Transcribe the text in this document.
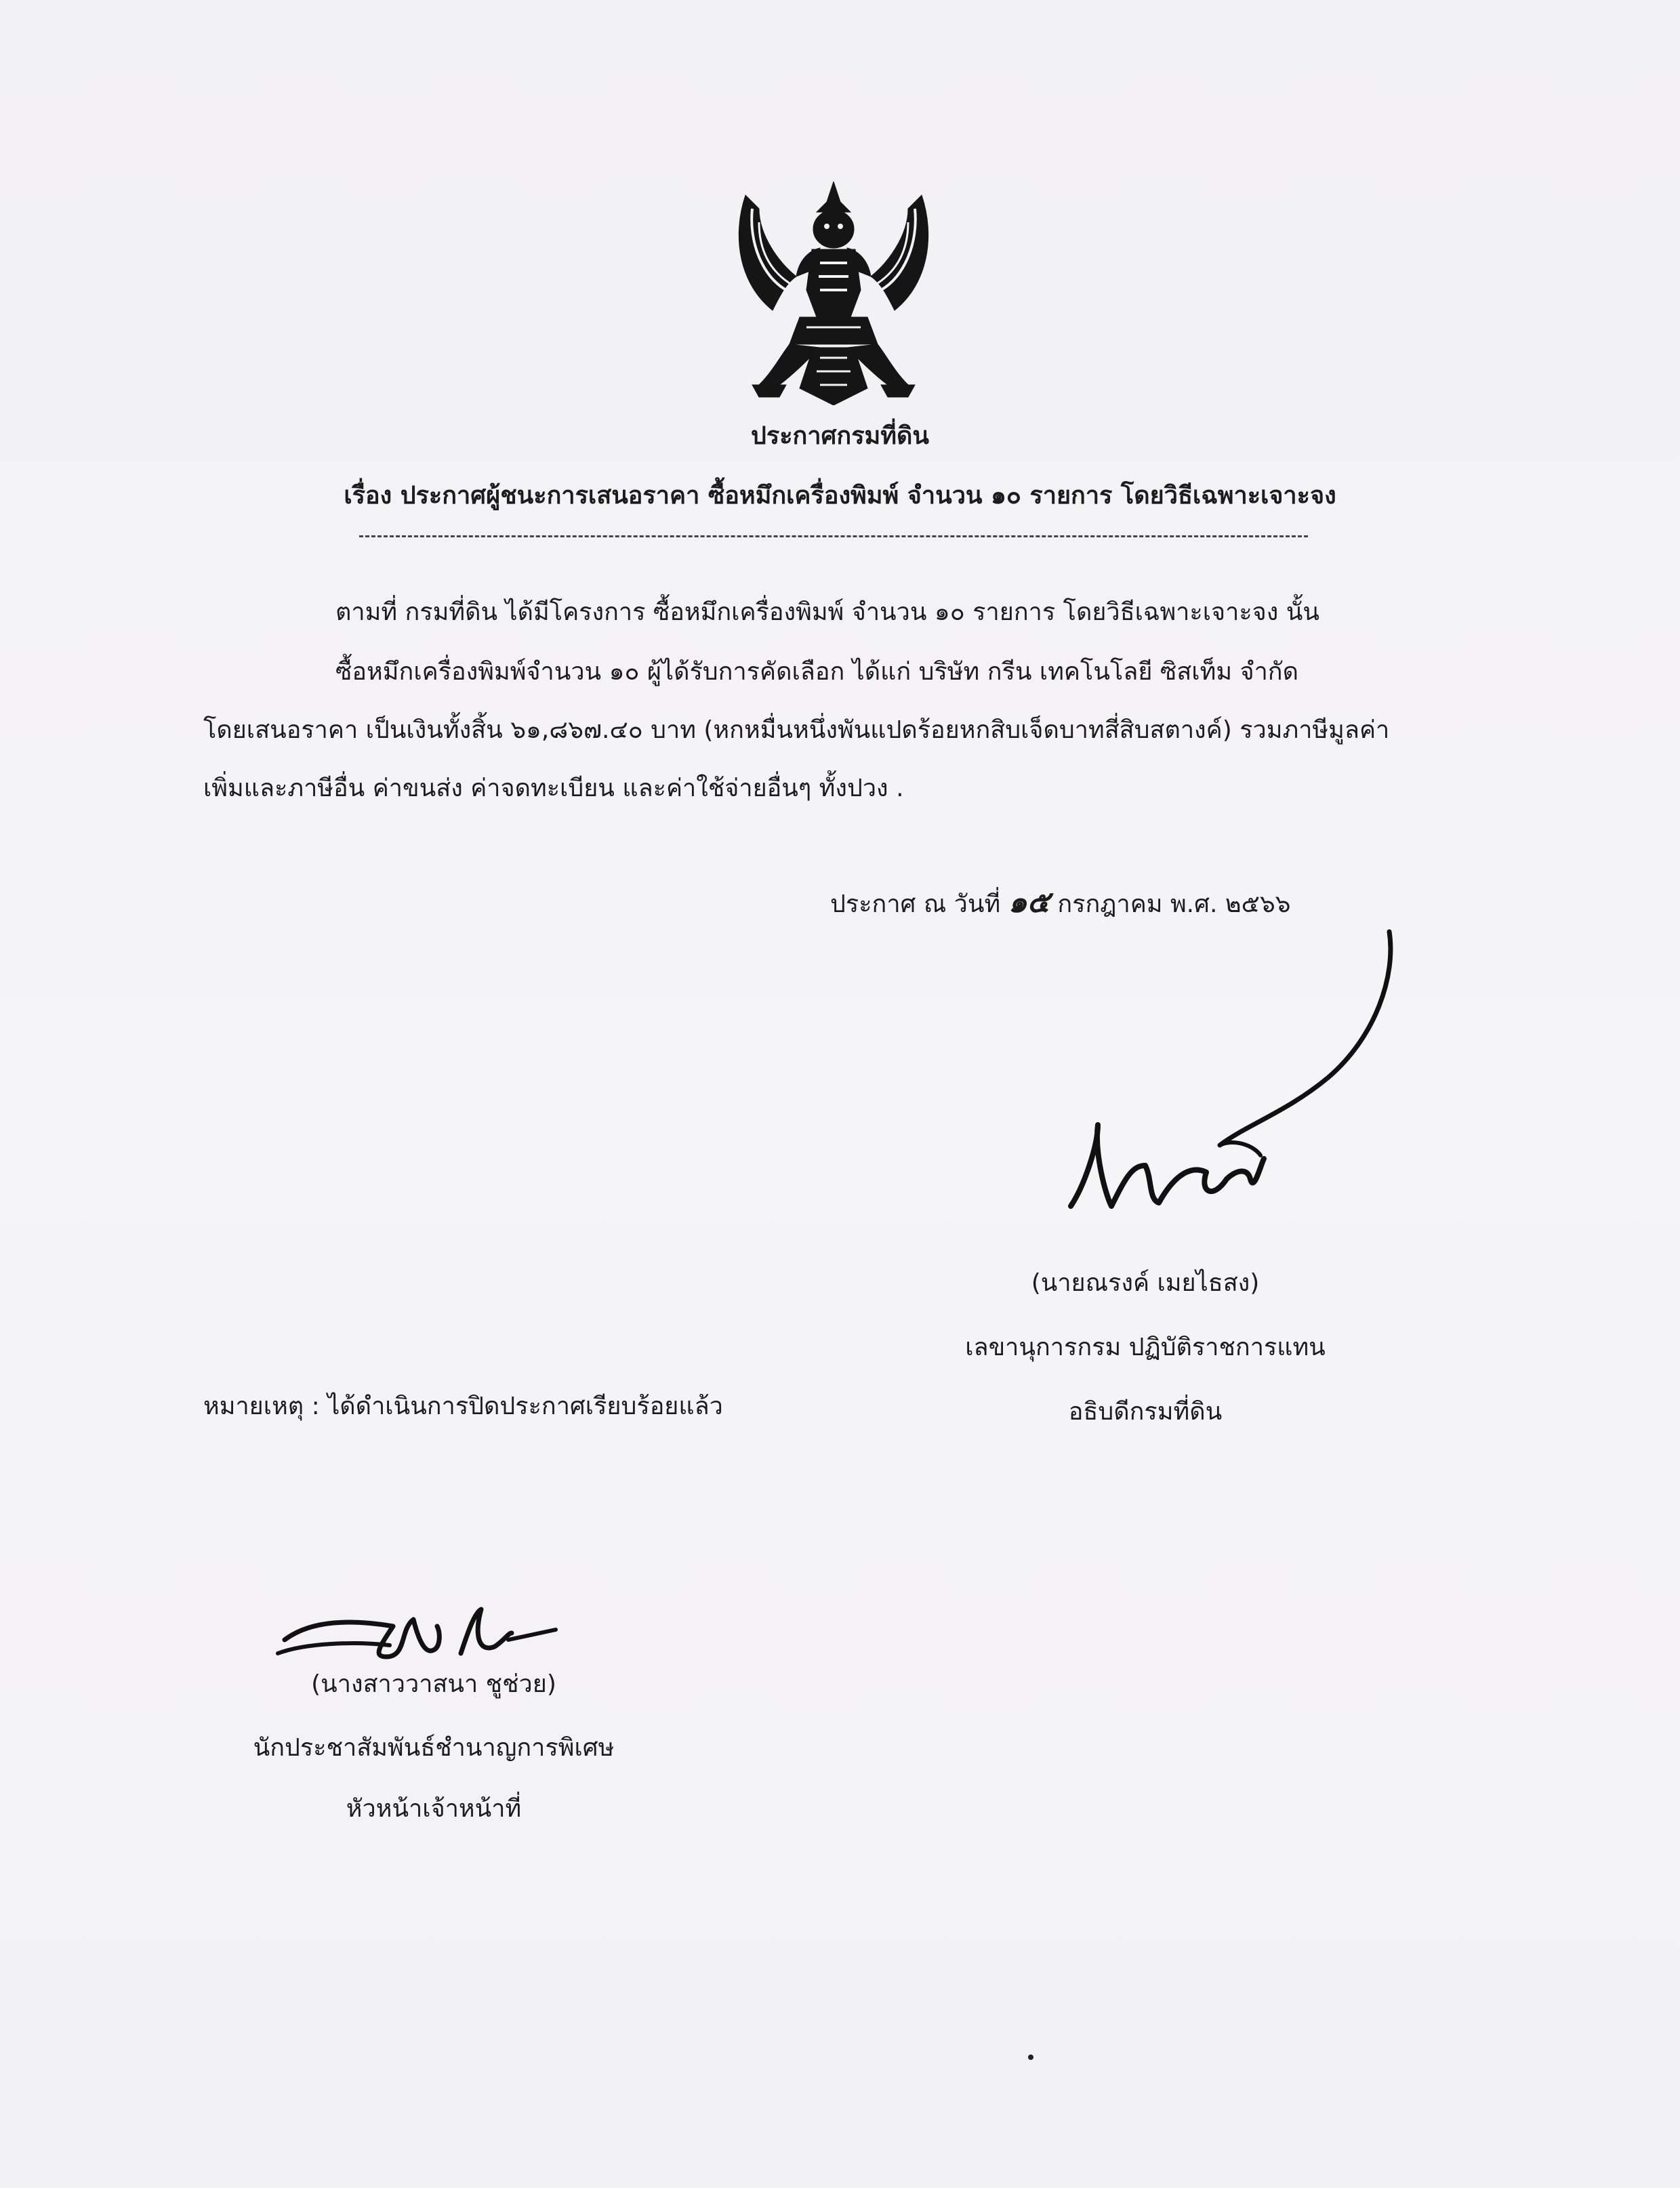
ประกาศกรมที่ดิน
เรื่อง ประกาศผู้ชนะการเสนอราคา ซื้อหมึกเครื่องพิมพ์ จำนวน ๑๐ รายการ โดยวิธีเฉพาะเจาะจง
ตามที่ กรมที่ดิน ได้มีโครงการ ซื้อหมึกเครื่องพิมพ์ จำนวน ๑๐ รายการ โดยวิธีเฉพาะเจาะจง นั้น
ซื้อหมึกเครื่องพิมพ์จำนวน ๑๐ ผู้ได้รับการคัดเลือก ได้แก่ บริษัท กรีน เทคโนโลยี ซิสเท็ม จำกัด
โดยเสนอราคา เป็นเงินทั้งสิ้น ๖๑,๘๖๗.๔๐ บาท (หกหมื่นหนึ่งพันแปดร้อยหกสิบเจ็ดบาทสี่สิบสตางค์) รวมภาษีมูลค่า
เพิ่มและภาษีอื่น ค่าขนส่ง ค่าจดทะเบียน และค่าใช้จ่ายอื่นๆ ทั้งปวง .
ประกาศ ณ วันที่ ๑๕ กรกฎาคม พ.ศ. ๒๕๖๖
(นายณรงค์ เมยไธสง)
เลขานุการกรม ปฏิบัติราชการแทน
อธิบดีกรมที่ดิน
หมายเหตุ : ได้ดำเนินการปิดประกาศเรียบร้อยแล้ว
(นางสาววาสนา ชูช่วย)
นักประชาสัมพันธ์ชำนาญการพิเศษ
หัวหน้าเจ้าหน้าที่
